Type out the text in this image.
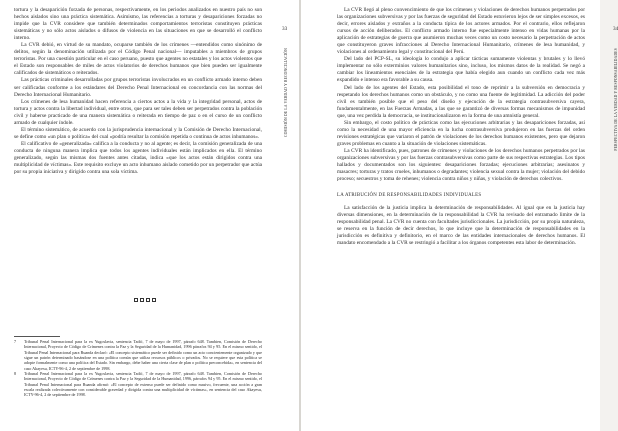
tortura y la desaparición forzada de personas, respectivamente, en los periodos analizados en nuestro país no son hechos aislados sino una práctica sistemática. Asimismo, las referencias a torturas y desapariciones forzadas no impide que la CVR considere que también determinados comportamientos terroristas constituyen prácticas sistemáticas y no sólo actos aislados o difusos de violencia en las situaciones en que se desarrolló el conflicto interno.

La CVR debió, en virtud de su mandato, ocuparse también de los crímenes —entendidos como sinónimo de delitos, según la denominación utilizada por el Código Penal nacional— imputables a miembros de grupos terroristas. Por una cuestión particular en el caso peruano, puesto que agentes no estatales y los actos violentos que el Estado son responsables de miles de actos violatorios de derechos humanos que bien pueden ser igualmente calificados de sistemáticos o reiterados.

Las prácticas criminales desarrolladas por grupos terroristas involucrados en un conflicto armado interno deben ser calificadas conforme a los estándares del Derecho Penal Internacional en concordancia con las normas del Derecho Internacional Humanitario.

Los crímenes de lesa humanidad hacen referencia a ciertos actos a la vida y la integridad personal, actos de tortura y actos contra la libertad individual, entre otros, que para ser tales deben ser perpetrados contra la población civil y haberse practicado de una manera sistemática o reiterada en tiempo de paz o en el curso de un conflicto armado de cualquier índole.

El término sistemático, de acuerdo con la jurisprudencia internacional y la Comisión de Derecho Internacional, se define como «un plan o política» del cual «podría resultar la comisión repetida o continua de actos inhumanos».

El calificativo de «generalizada» califica a la conducta y no al agente; es decir, la comisión generalizada de una conducta de ninguna manera implica que todos los agentes individuales están implicados en ella. El término generalizado, según las mismas dos fuentes antes citadas, indica «que los actos están dirigidos contra una multiplicidad de víctimas». Este requisito excluye un acto inhumano aislado cometido por un perpetrador que actúa por su propia iniciativa y dirigido contra una sola víctima.

7	Tribunal Penal Internacional para la ex Yugoslavia, sentencia Tadić, 7 de mayo de 1997, párrafo 648. Tambien, Comisión de Derecho Internacional, Proyecto de Código de Crímenes contra la Paz y la Seguridad de la Humanidad, 1996 párrafos 94 y 95. En el mismo sentido, el Tribunal Penal Internacional para Ruanda declaró: «El concepto sistemático puede ser definido como un acto concientemente organizado y que sigue un patrón determinado basándose en una política común que utiliza recursos públicos o privados. No se requiere que esta política se adopte formalmente como una política del Estado. Sin embargo, debe haber una cierta clase de plan o política preconcebida», en sentencia del caso Akayesu, ICTY-96-4, 2 de septiembre de 1998.

8	Tribunal Penal Internacional para la ex Yugoslavia, sentencia Tadić, 7 de mayo de 1997, párrafo 648. Tambien, Comisión de Derecho Internacional, Proyecto de Código de Crímenes contra la Paz y la Seguridad de la Humanidad, 1996, párrafos 94 y 95. En el mismo sentido, el Tribunal Penal Internacional para Ruanda afirmó: «El concepto de extenso puede ser definido como masivo, frecuente, una acción a gran escala realizada colectivamente con considerable gravedad y dirigida contra una multiplicidad de víctimas», en sentencia del caso Akayesu, ICTY-96-4, 2 de septiembre de 1998.

33
COMISIÓN DE LA VERDAD Y RECONCILIACIÓN
34
PERSPECTIVA DE LA VERDAD Y RESPONSABILIDADES

La CVR llegó al pleno convencimiento de que los crímenes y violaciones de derechos humanos perpetrados por las organizaciones subversivas y por las fuerzas de seguridad del Estado estuvieron lejos de ser simples excesos, es decir, errores aislados y extraños a la conducta típica de los actores armados. Por el contrario, ellos reflejaron cursos de acción deliberados. El conflicto armado interno fue especialmente intenso en vidas humanas por la aplicación de estrategias de guerra que asumieron muchas veces como un costo necesario la perpetración de actos que constituyeron graves infracciones al Derecho Internacional Humanitario, crímenes de lesa humanidad, y violaciones al ordenamiento legal y constitucional del Perú.

Del lado del PCP-SL, su ideología lo condujo a aplicar tácticas sumamente violentas y brutales y lo llevó implementar no sólo exterminios valores humanitarios sino, incluso, los mismos datos de la realidad. Se negó a cambiar los lineamientos esenciales de la estrategia que había elegido aun cuando un conflicto cada vez más expandido e intenso era favorable a su causa.

Del lado de los agentes del Estado, esta posibilidad el tono de reprimir a la subversión en democracia y respetando los derechos humanos como un obstáculo, y no como una fuente de legitimidad. La adicción del poder civil es también posible que el peso del diseño y ejecución de la estrategia contrasubversiva cayera, fundamentalmente, en las Fuerzas Armadas, a las que se garantizó de diversas formas mecanismos de impunidad que, una vez perdida la democracia, se institucionalizaron en la forma de una amnistía general.

Sin embargo, el costo político de prácticas como las ejecuciones arbitrarias y las desapariciones forzadas, así como la necesidad de una mayor eficiencia en la lucha contrasubversiva produjeron en las fuerzas del orden revisiones estratégicas que variaron el patrón de violaciones de los derechos humanos existentes, pero que dejaron graves problemas en cuanto a la situación de violaciones sistemáticas.

La CVR ha identificado, pues, patrones de crímenes y violaciones de los derechos humanos perpetrados por las organizaciones subversivas y por las fuerzas contrasubversivas como parte de sus respectivas estrategias. Los tipos hallados y documentados son los siguientes: desapariciones forzadas; ejecuciones arbitrarias; asesinatos y masacres; torturas y tratos crueles, inhumanos o degradantes; violencia sexual contra la mujer; violación del debido proceso; secuestros y toma de rehenes; violencia contra niños y niñas, y violación de derechos colectivos.

LA ATRIBUCIÓN DE RESPONSABILIDADES INDIVIDUALES

La satisfacción de la justicia implica la determinación de responsabilidades. Al igual que en la justicia hay diversas dimensiones, en la determinación de la responsabilidad la CVR ha revisado del entramado limite de la responsabilidad penal. La CVR no cuenta con facultades jurisdiccionales. La jurisdicción, por su propia naturaleza, se reserva en la función de decir derechos, lo que incluye que la determinación de responsabilidades en la jurisdicción es definitiva y definitorio, en el marco de las entidades internacionales de derechos humanos. El mandato encomendado a la CVR se restringió a facilitar a los órganos competentes esta labor de determinación.
